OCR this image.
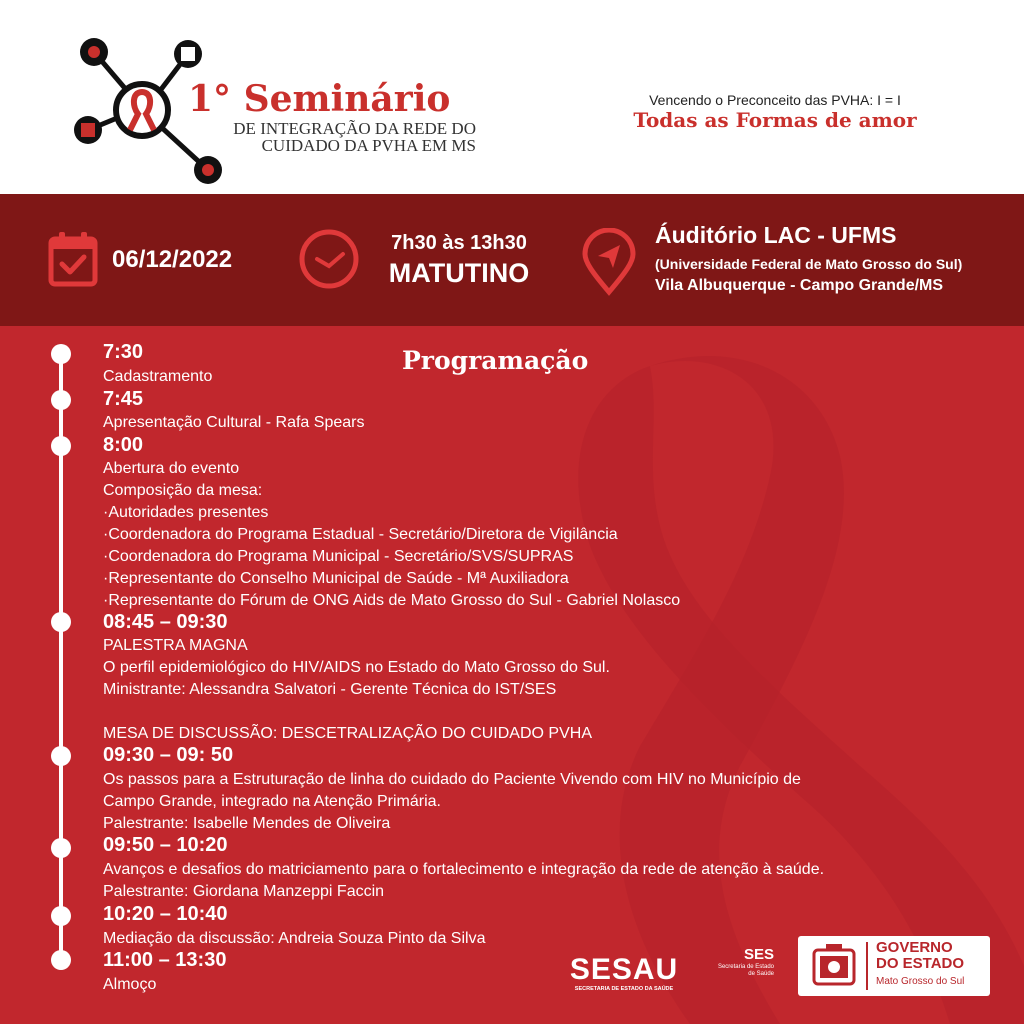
1° Seminário
DE INTEGRAÇÃO DA REDE DO
CUIDADO DA PVHA EM MS
Vencendo o Preconceito das PVHA: I = I
Todas as Formas de amor
06/12/2022
7h30 às 13h30
MATUTINO
Áuditório LAC - UFMS
(Universidade Federal de Mato Grosso do Sul)
Vila Albuquerque - Campo Grande/MS
Programação
7:30
Cadastramento
7:45
Apresentação Cultural - Rafa Spears
8:00
Abertura do evento
Composição da mesa:
·Autoridades presentes
·Coordenadora do Programa Estadual - Secretário/Diretora de Vigilância
·Coordenadora do Programa Municipal - Secretário/SVS/SUPRAS
·Representante do Conselho Municipal de Saúde - Mª Auxiliadora
·Representante do Fórum de ONG Aids de Mato Grosso do Sul - Gabriel Nolasco
08:45 – 09:30
PALESTRA MAGNA
O perfil epidemiológico do HIV/AIDS no Estado do Mato Grosso do Sul.
Ministrante: Alessandra Salvatori - Gerente Técnica do IST/SES
MESA DE DISCUSSÃO: DESCETRALIZAÇÃO DO CUIDADO PVHA
09:30 – 09: 50
Os passos para a Estruturação de linha do cuidado do Paciente Vivendo com HIV no Município de
Campo Grande, integrado na Atenção Primária.
Palestrante: Isabelle Mendes de Oliveira
09:50 – 10:20
Avanços e desafios do matriciamento para o fortalecimento e integração da rede de atenção à saúde.
Palestrante: Giordana Manzeppi Faccin
10:20 – 10:40
Mediação da discussão: Andreia Souza Pinto da Silva
11:00 – 13:30
Almoço	SESAU
SECRETARIA DE ESTADO DA SAÚDE
SES
Secretaria de Estado
de Saúde
GOVERNO
DO ESTADO
Mato Grosso do Sul
